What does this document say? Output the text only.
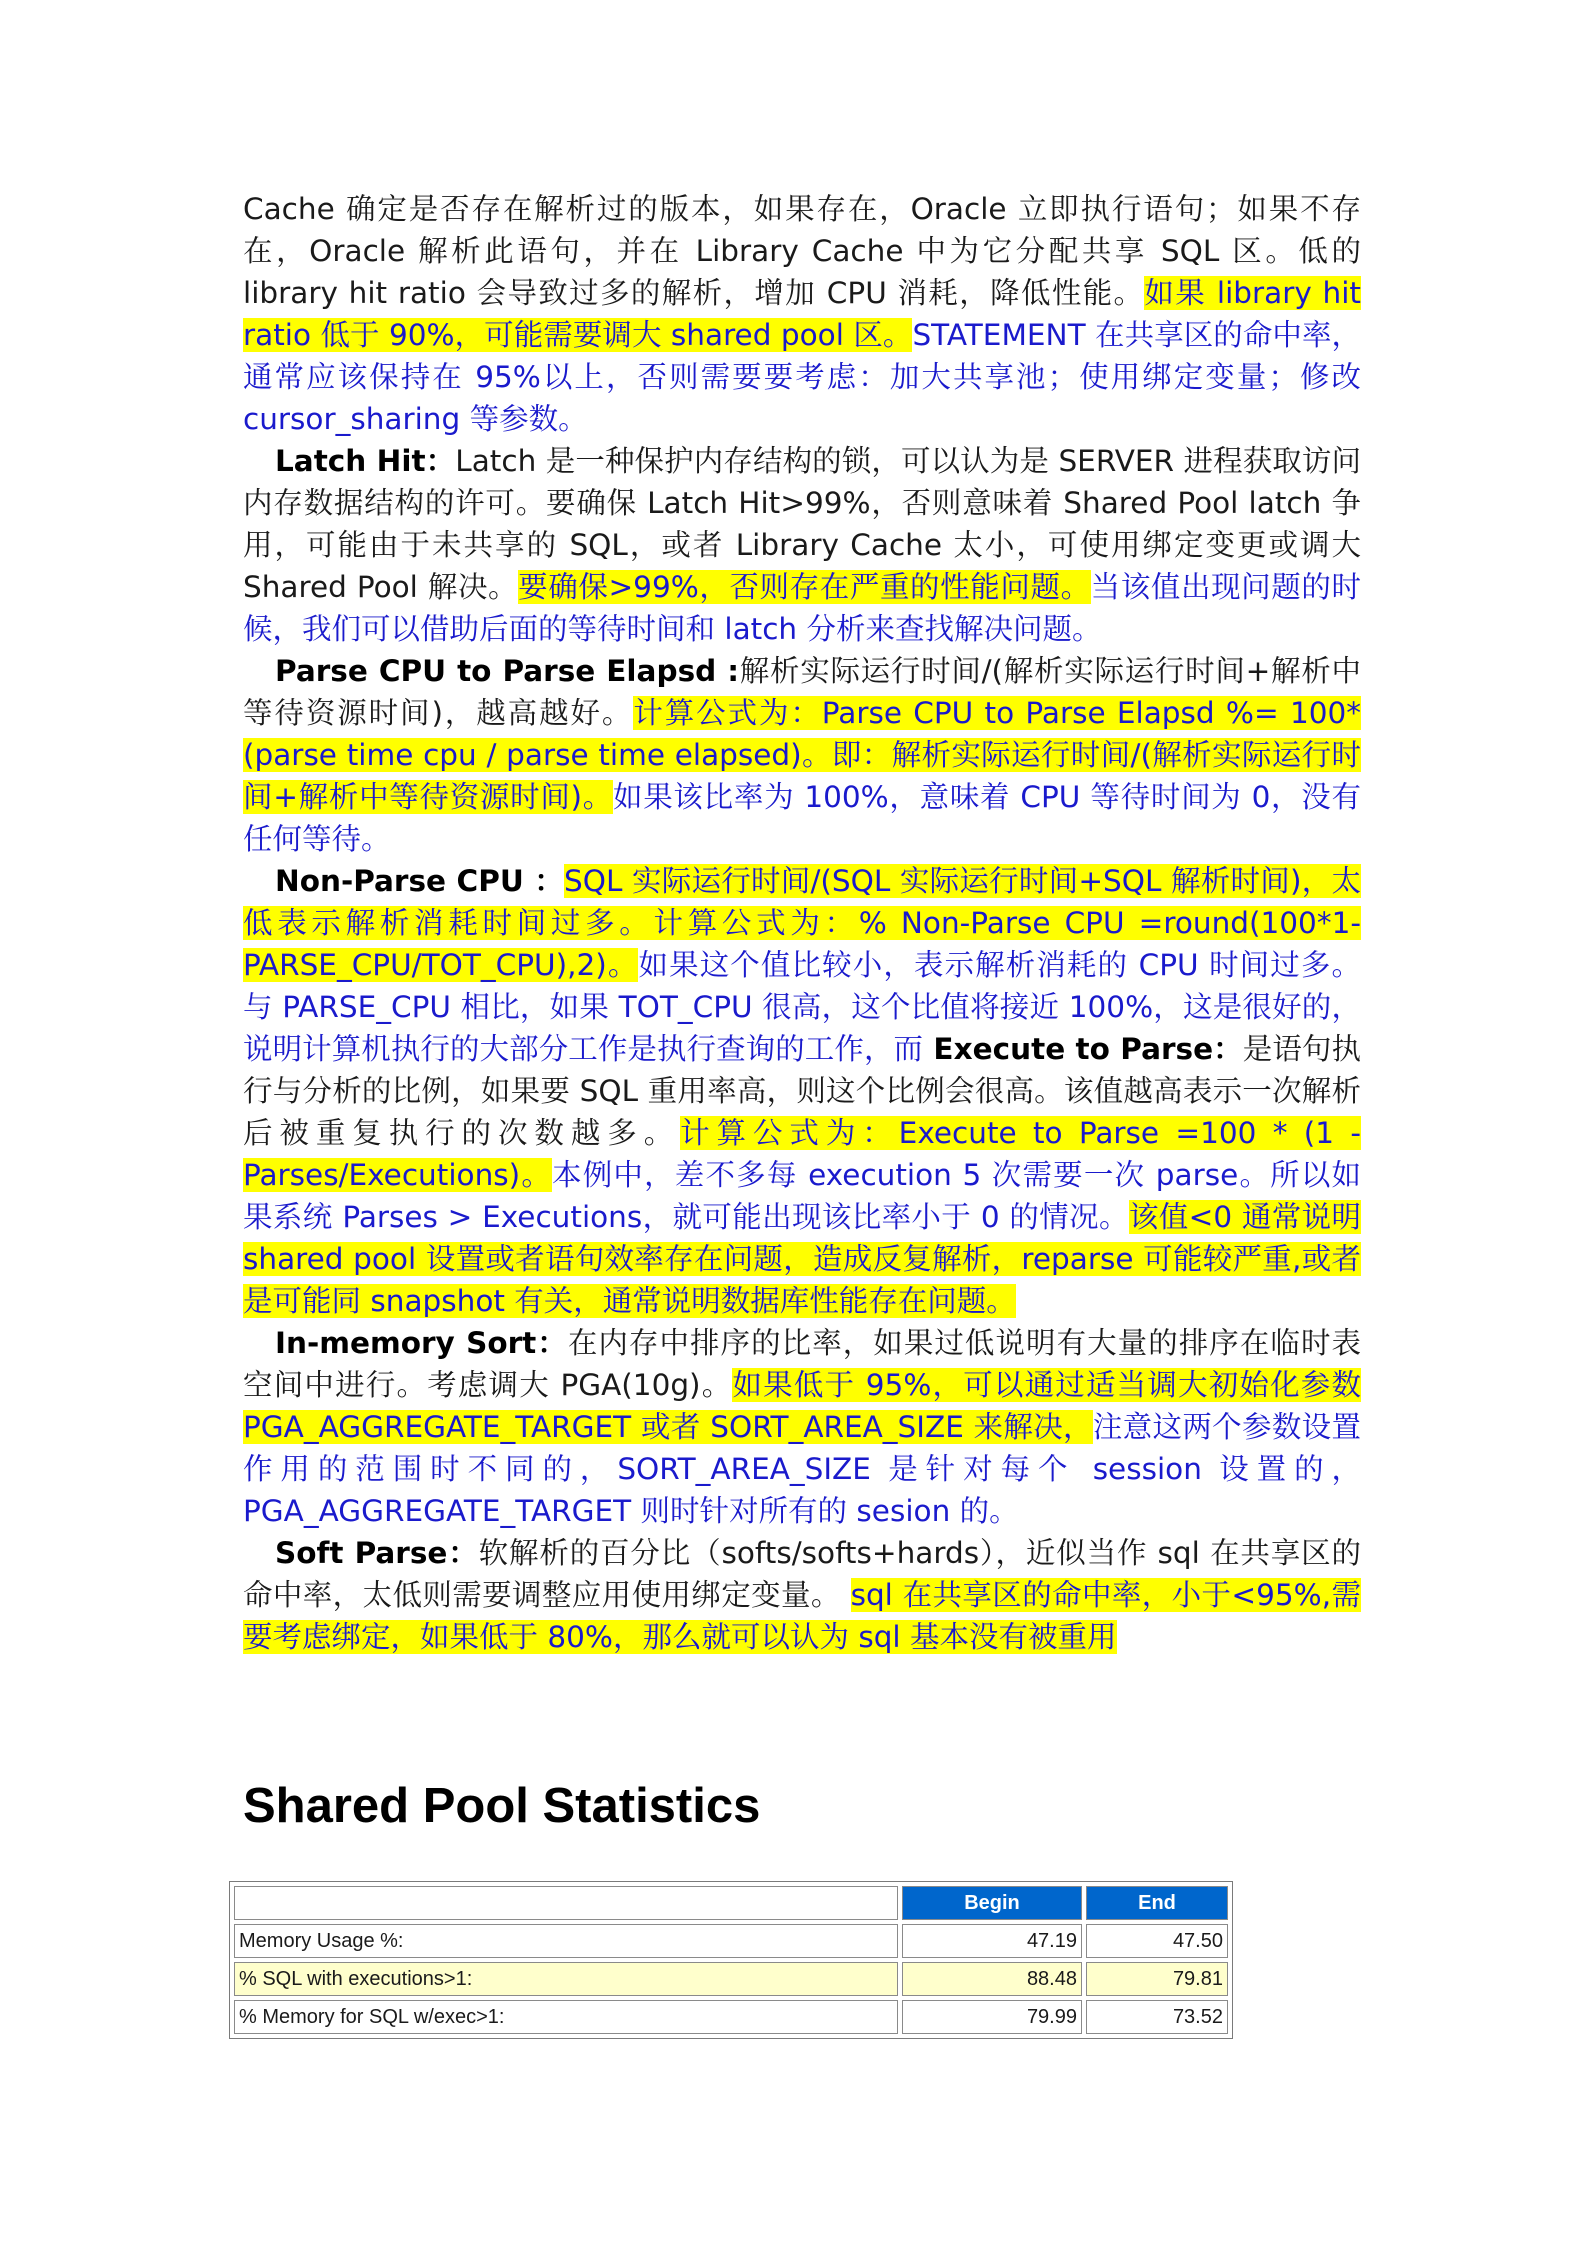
Cache 确定是否存在解析过的版本，如果存在，Oracle 立即执行语句；如果不存在，Oracle 解析此语句，并在 Library Cache 中为它分配共享 SQL 区。低的 library hit ratio 会导致过多的解析，增加 CPU 消耗，降低性能。如果 library hit ratio 低于 90%，可能需要调大 shared pool 区。STATEMENT 在共享区的命中率，通常应该保持在 95%以上，否则需要要考虑：加大共享池；使用绑定变量；修改 cursor_sharing 等参数。

Latch Hit：Latch 是一种保护内存结构的锁，可以认为是 SERVER 进程获取访问内存数据结构的许可。要确保 Latch Hit>99%，否则意味着 Shared Pool latch 争用，可能由于未共享的 SQL，或者 Library Cache 太小，可使用绑定变更或调大 Shared Pool 解决。要确保>99%，否则存在严重的性能问题。当该值出现问题的时候，我们可以借助后面的等待时间和 latch 分析来查找解决问题。

Parse CPU to Parse Elapsd :解析实际运行时间/(解析实际运行时间+解析中等待资源时间)，越高越好。计算公式为：Parse CPU to Parse Elapsd %= 100*(parse time cpu / parse time elapsed)。即：解析实际运行时间/(解析实际运行时间+解析中等待资源时间)。如果该比率为 100%，意味着 CPU 等待时间为 0，没有任何等待。

Non-Parse CPU ：SQL 实际运行时间/(SQL 实际运行时间+SQL 解析时间)，太低表示解析消耗时间过多。计算公式为：% Non-Parse CPU =round(100*1-PARSE_CPU/TOT_CPU),2)。如果这个值比较小，表示解析消耗的 CPU 时间过多。与 PARSE_CPU 相比，如果 TOT_CPU 很高，这个比值将接近 100%，这是很好的，说明计算机执行的大部分工作是执行查询的工作，而 Execute to Parse：是语句执行与分析的比例，如果要 SQL 重用率高，则这个比例会很高。该值越高表示一次解析后被重复执行的次数越多。计算公式为：Execute to Parse =100 * (1 - Parses/Executions)。本例中，差不多每 execution 5 次需要一次 parse。所以如果系统 Parses > Executions，就可能出现该比率小于 0 的情况。该值<0 通常说明 shared pool 设置或者语句效率存在问题，造成反复解析，reparse 可能较严重,或者是可能同 snapshot 有关，通常说明数据库性能存在问题。

In-memory Sort：在内存中排序的比率，如果过低说明有大量的排序在临时表空间中进行。考虑调大 PGA(10g)。如果低于 95%，可以通过适当调大初始化参数 PGA_AGGREGATE_TARGET 或者 SORT_AREA_SIZE 来解决，注意这两个参数设置作用的范围时不同的，SORT_AREA_SIZE 是针对每个 session 设置的，PGA_AGGREGATE_TARGET 则时针对所有的 sesion 的。

Soft Parse：软解析的百分比（softs/softs+hards），近似当作 sql 在共享区的命中率，太低则需要调整应用使用绑定变量。 sql 在共享区的命中率，小于<95%,需要考虑绑定，如果低于 80%，那么就可以认为 sql 基本没有被重用

Shared Pool Statistics
	Begin	End
Memory Usage %:	47.19	47.50
% SQL with executions>1:	88.48	79.81
% Memory for SQL w/exec>1:	79.99	73.52
